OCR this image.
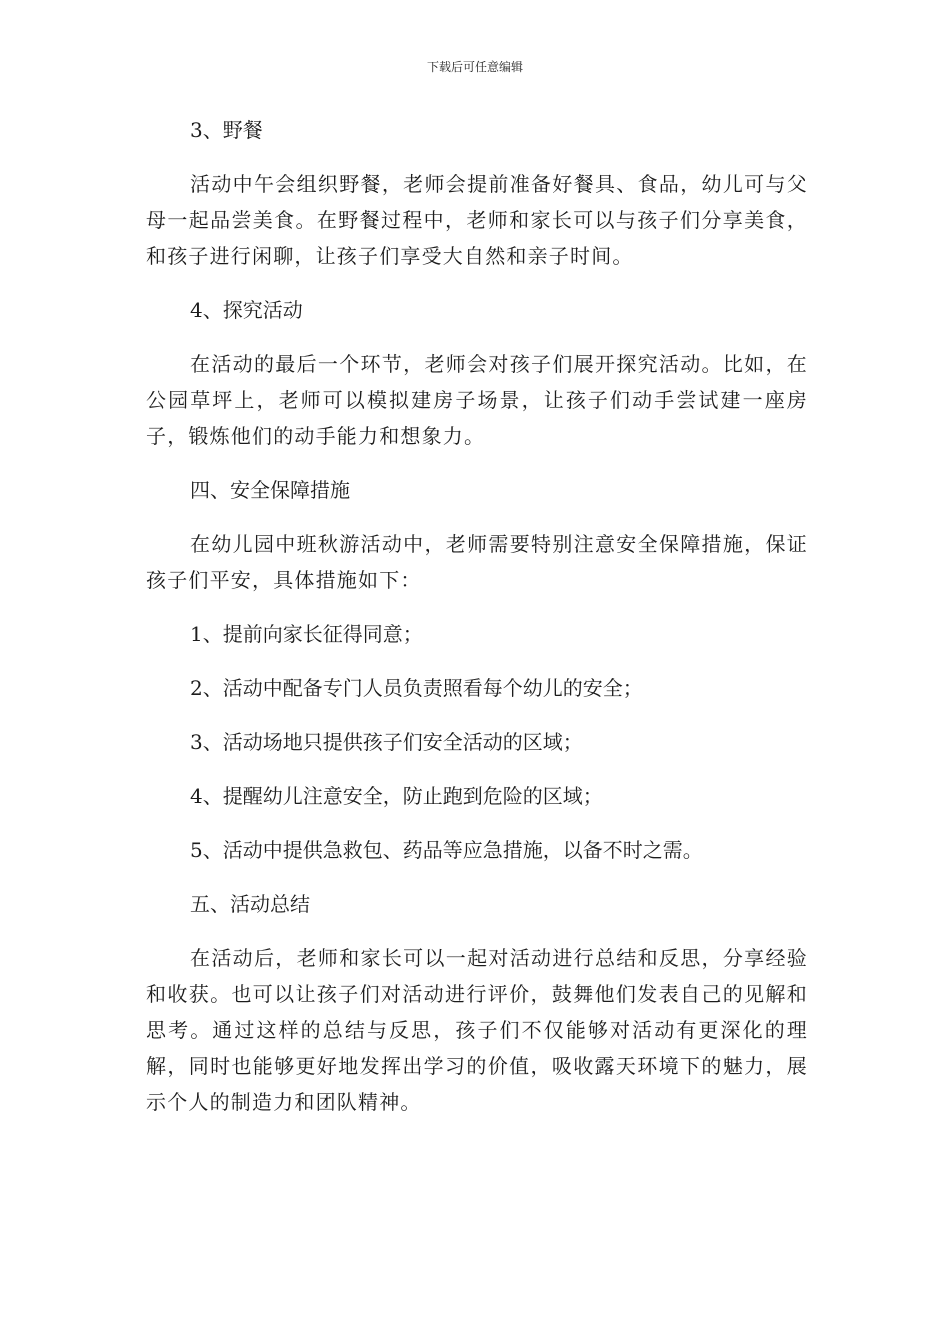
下载后可任意编辑

3、野餐

活动中午会组织野餐，老师会提前准备好餐具、食品，幼儿可与父母一起品尝美食。在野餐过程中，老师和家长可以与孩子们分享美食，和孩子进行闲聊，让孩子们享受大自然和亲子时间。

4、探究活动

在活动的最后一个环节，老师会对孩子们展开探究活动。比如，在公园草坪上，老师可以模拟建房子场景，让孩子们动手尝试建一座房子，锻炼他们的动手能力和想象力。

四、安全保障措施

在幼儿园中班秋游活动中，老师需要特别注意安全保障措施，保证孩子们平安，具体措施如下：

1、提前向家长征得同意；

2、活动中配备专门人员负责照看每个幼儿的安全；

3、活动场地只提供孩子们安全活动的区域；

4、提醒幼儿注意安全，防止跑到危险的区域；

5、活动中提供急救包、药品等应急措施，以备不时之需。

五、活动总结

在活动后，老师和家长可以一起对活动进行总结和反思，分享经验和收获。也可以让孩子们对活动进行评价，鼓舞他们发表自己的见解和思考。通过这样的总结与反思，孩子们不仅能够对活动有更深化的理解，同时也能够更好地发挥出学习的价值，吸收露天环境下的魅力，展示个人的制造力和团队精神。
